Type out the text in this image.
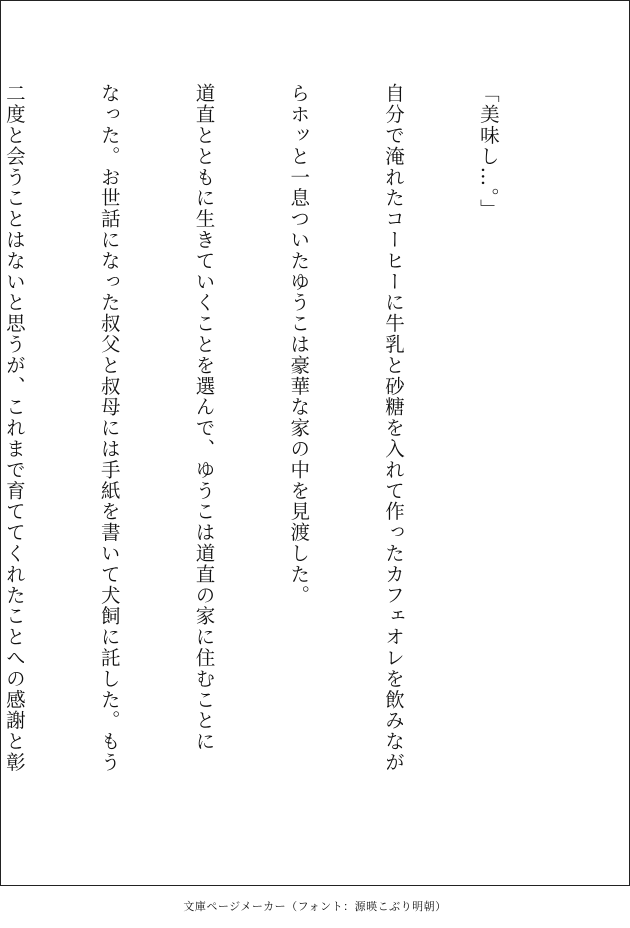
「美味し…。」

自分で淹れたコーヒーに牛乳と砂糖を入れて作ったカフェオレを飲みなが

らホッと一息ついたゆうこは豪華な家の中を見渡した。

道直とともに生きていくことを選んで、ゆうこは道直の家に住むことに

なった。お世話になった叔父と叔母には手紙を書いて犬飼に託した。もう

二度と会うことはないと思うが、これまで育ててくれたことへの感謝と彰

文庫ページメーカー（フォント：源暎こぶり明朝）
